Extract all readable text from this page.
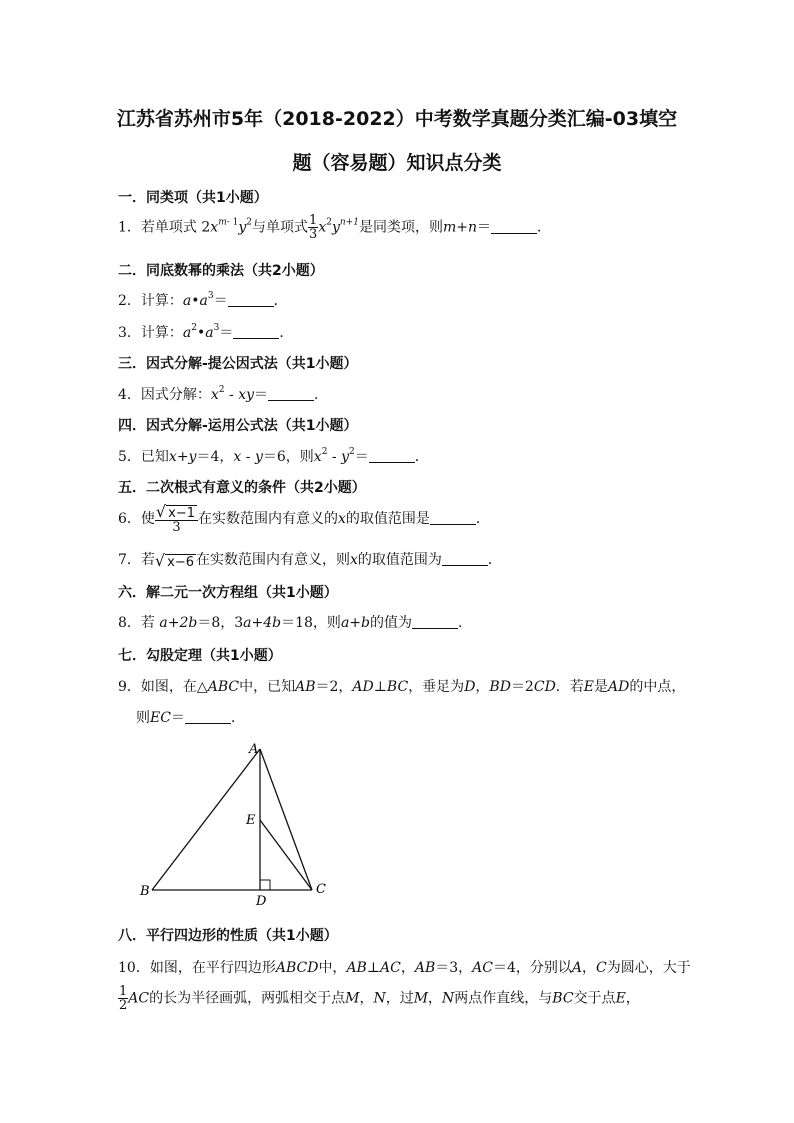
江苏省苏州市5年（2018-2022）中考数学真题分类汇编-03填空
题（容易题）知识点分类
一．同类项（共1小题）
1．若单项式 $2x^{m- 1}y^2$与单项式 $\frac{1}{3} x^2y^{n+1}$是同类项，则m+n＝	．
二．同底数幂的乘法（共2小题）
2．计算：$a•a^3=$	．
3．计算：$a^2•a^3=$	．
三．因式分解-提公因式法（共1小题）
4．因式分解：$x^2 - xy=$	．
四．因式分解-运用公式法（共1小题）
5．已知x+y＝4，x - y＝6，则$x^2 - y^2=$	．
五．二次根式有意义的条件（共2小题）
6．使 $\frac{√ x-1}{3}$ 在实数范围内有意义的x的取值范围是	．
7．若√ x−6 在实数范围内有意义，则x的取值范围为	．
六．解二元一次方程组（共1小题）
8．若 a+2b＝8，3a+4b＝18，则a+b的值为	．
七．勾股定理（共1小题）
9．如图，在△ABC中，已知AB＝2，AD⊥BC，垂足为D，BD＝2CD．若E是AD的中点，
则EC＝	．
A
B	C
D
E
八．平行四边形的性质（共1小题）
10．如图，在平行四边形ABCD中，AB⊥AC，AB＝3，AC＝4，分别以A，C为圆心，大于
$\frac{1}{2}$ AC的长为半径画弧，两弧相交于点M，N，过M，N两点作直线，与BC交于点E，
